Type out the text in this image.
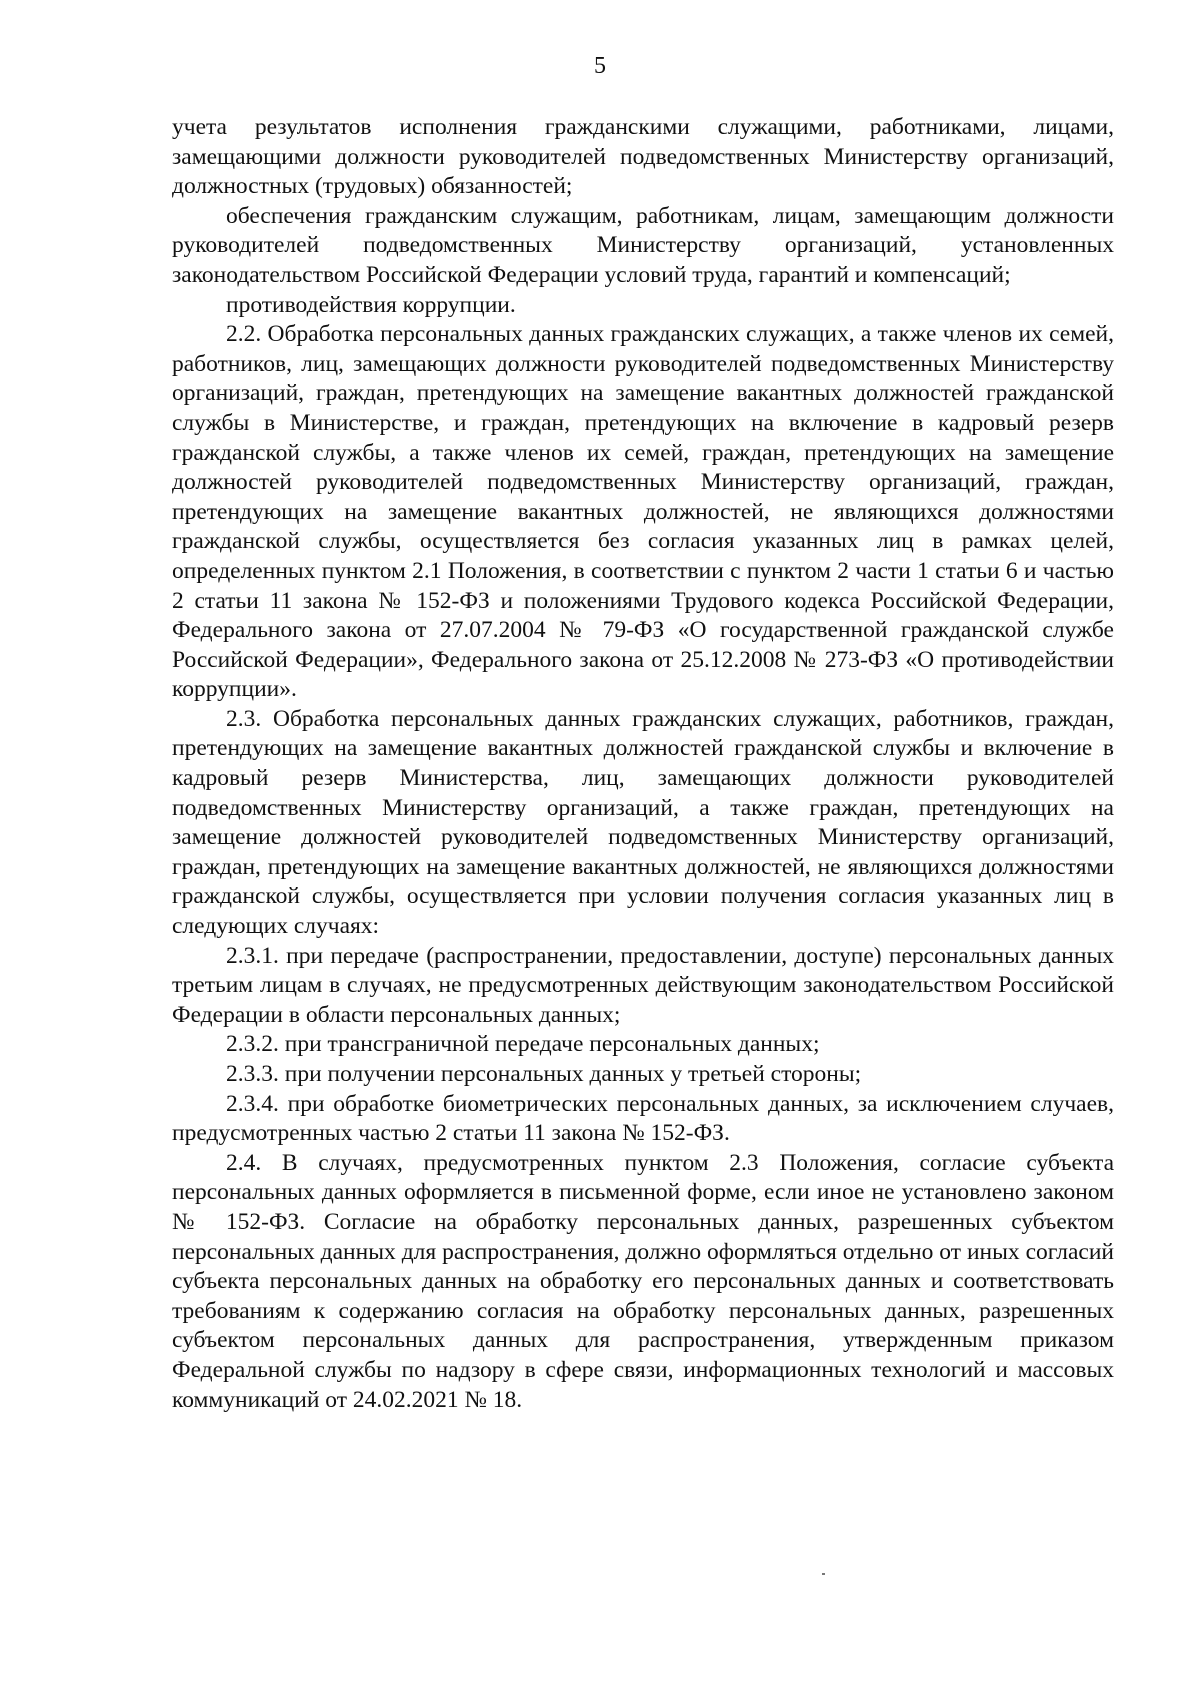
5

учета результатов исполнения гражданскими служащими, работниками, лицами, замещающими должности руководителей подведомственных Министерству организаций, должностных (трудовых) обязанностей;

обеспечения гражданским служащим, работникам, лицам, замещающим должности руководителей подведомственных Министерству организаций, установленных законодательством Российской Федерации условий труда, гарантий и компенсаций;

противодействия коррупции.

2.2. Обработка персональных данных гражданских служащих, а также членов их семей, работников, лиц, замещающих должности руководителей подведомственных Министерству организаций, граждан, претендующих на замещение вакантных должностей гражданской службы в Министерстве, и граждан, претендующих на включение в кадровый резерв гражданской службы, а также членов их семей, граждан, претендующих на замещение должностей руководителей подведомственных Министерству организаций, граждан, претендующих на замещение вакантных должностей, не являющихся должностями гражданской службы, осуществляется без согласия указанных лиц в рамках целей, определенных пунктом 2.1 Положения, в соответствии с пунктом 2 части 1 статьи 6 и частью 2 статьи 11 закона № 152-ФЗ и положениями Трудового кодекса Российской Федерации, Федерального закона от 27.07.2004 № 79-ФЗ «О государственной гражданской службе Российской Федерации», Федерального закона от 25.12.2008 № 273-ФЗ «О противодействии коррупции».

2.3. Обработка персональных данных гражданских служащих, работников, граждан, претендующих на замещение вакантных должностей гражданской службы и включение в кадровый резерв Министерства, лиц, замещающих должности руководителей подведомственных Министерству организаций, а также граждан, претендующих на замещение должностей руководителей подведомственных Министерству организаций, граждан, претендующих на замещение вакантных должностей, не являющихся должностями гражданской службы, осуществляется при условии получения согласия указанных лиц в следующих случаях:

2.3.1. при передаче (распространении, предоставлении, доступе) персональных данных третьим лицам в случаях, не предусмотренных действующим законодательством Российской Федерации в области персональных данных;

2.3.2. при трансграничной передаче персональных данных;

2.3.3. при получении персональных данных у третьей стороны;

2.3.4. при обработке биометрических персональных данных, за исключением случаев, предусмотренных частью 2 статьи 11 закона № 152-ФЗ.

2.4. В случаях, предусмотренных пунктом 2.3 Положения, согласие субъекта персональных данных оформляется в письменной форме, если иное не установлено законом № 152-ФЗ. Согласие на обработку персональных данных, разрешенных субъектом персональных данных для распространения, должно оформляться отдельно от иных согласий субъекта персональных данных на обработку его персональных данных и соответствовать требованиям к содержанию согласия на обработку персональных данных, разрешенных субъектом персональных данных для распространения, утвержденным приказом Федеральной службы по надзору в сфере связи, информационных технологий и массовых коммуникаций от 24.02.2021 № 18.
